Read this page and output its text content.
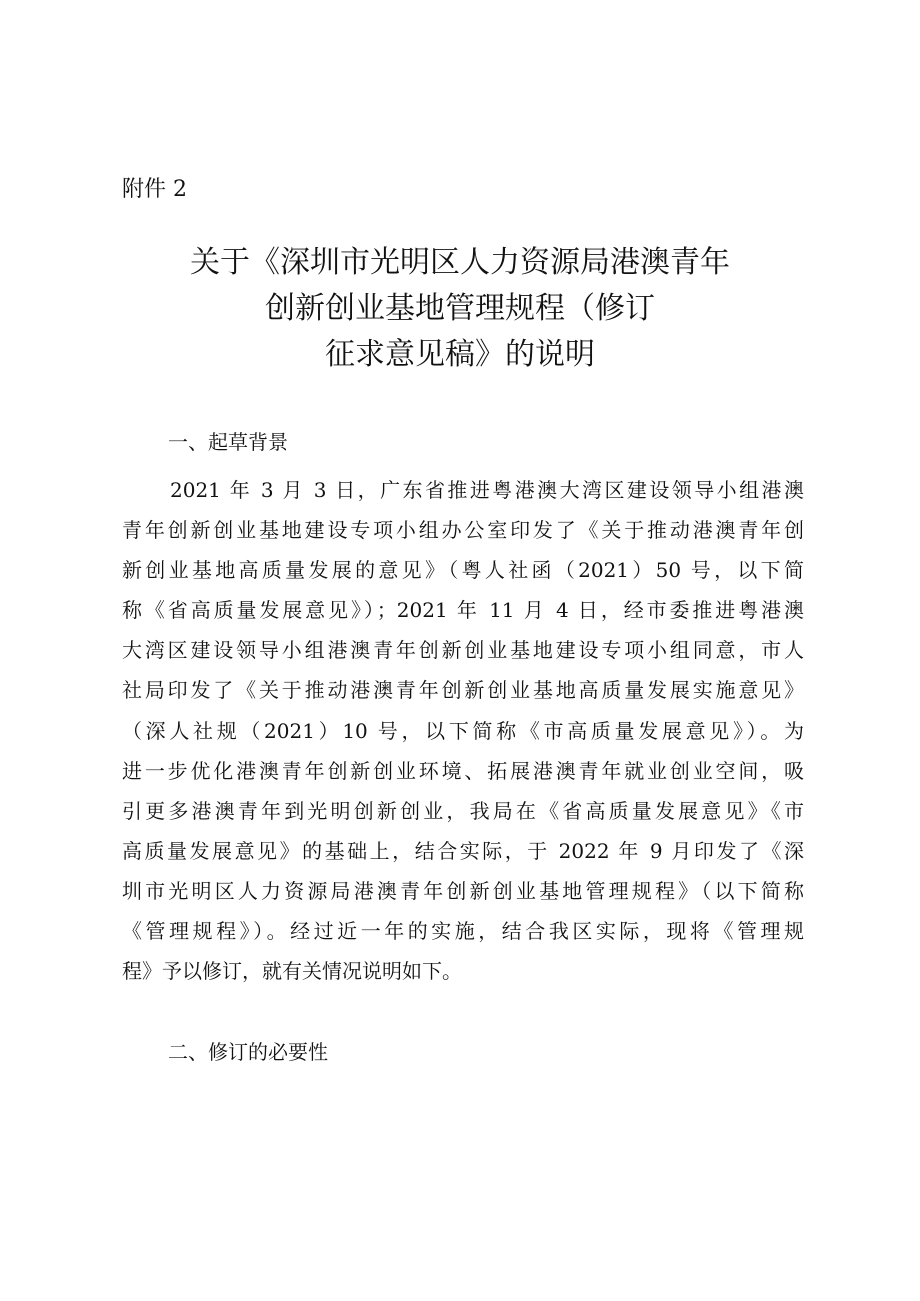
附件 2
关于《深圳市光明区人力资源局港澳青年
创新创业基地管理规程（修订
征求意见稿》的说明
一、起草背景
2021 年 3 月 3 日，广东省推进粤港澳大湾区建设领导小组港澳
青年创新创业基地建设专项小组办公室印发了《关于推动港澳青年创
新创业基地高质量发展的意见》（粤人社函（2021）50 号，以下简
称《省高质量发展意见》）；2021 年 11 月 4 日，经市委推进粤港澳
大湾区建设领导小组港澳青年创新创业基地建设专项小组同意，市人
社局印发了《关于推动港澳青年创新创业基地高质量发展实施意见》
（深人社规（2021）10 号，以下简称《市高质量发展意见》）。为
进一步优化港澳青年创新创业环境、拓展港澳青年就业创业空间，吸
引更多港澳青年到光明创新创业，我局在《省高质量发展意见》《市
高质量发展意见》的基础上，结合实际，于 2022 年 9 月印发了《深
圳市光明区人力资源局港澳青年创新创业基地管理规程》（以下简称
《管理规程》）。经过近一年的实施，结合我区实际，现将《管理规
程》予以修订，就有关情况说明如下。
二、修订的必要性
